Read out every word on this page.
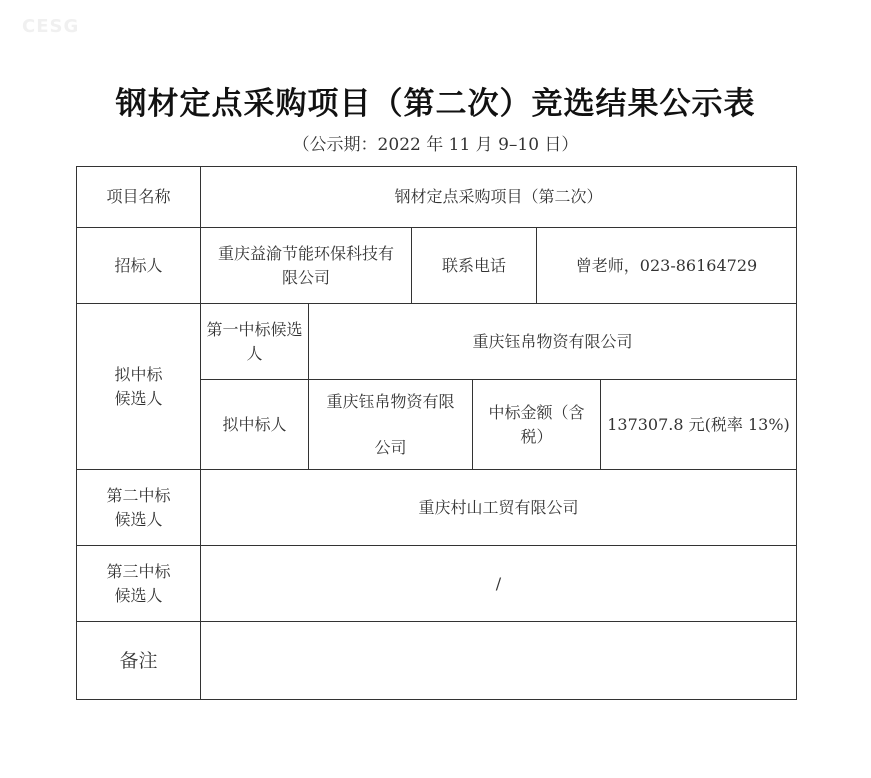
CESG
钢材定点采购项目（第二次）竞选结果公示表
（公示期：2022 年 11 月 9–10 日）
项目名称	钢材定点采购项目（第二次）
招标人
重庆益渝节能环保科技有限公司
联系电话	曾老师，023-86164729
拟中标候选人
第一中标候选人
重庆钰帛物资有限公司
拟中标人
重庆钰帛物资有限
公司
中标金额（含税）
137307.8 元(税率 13%)
第二中标候选人
重庆村山工贸有限公司
第三中标候选人
/
备注
